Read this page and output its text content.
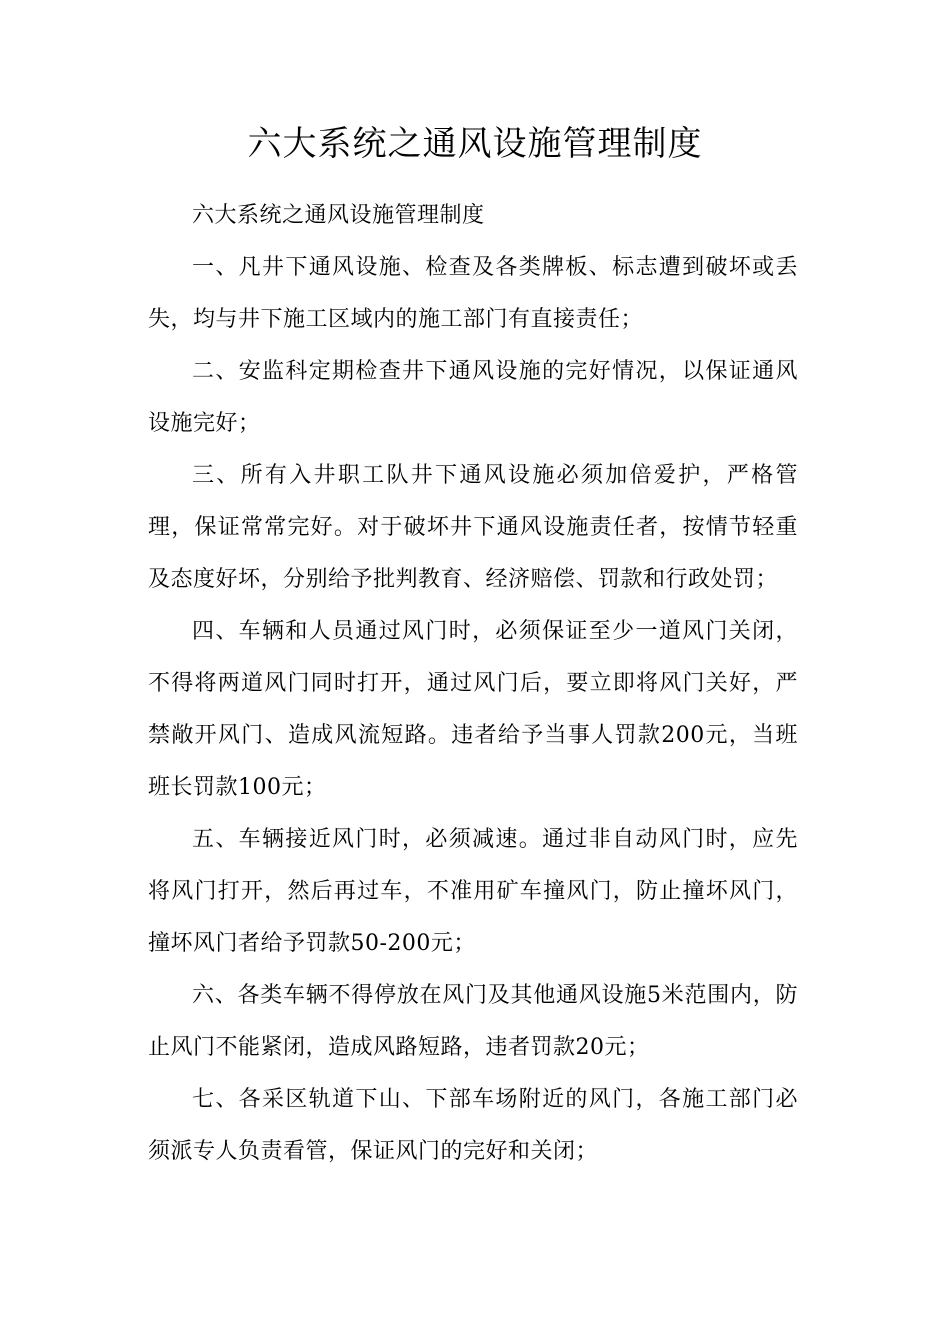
六大系统之通风设施管理制度

六大系统之通风设施管理制度

一、凡井下通风设施、检查及各类牌板、标志遭到破坏或丢失，均与井下施工区域内的施工部门有直接责任；

二、安监科定期检查井下通风设施的完好情况，以保证通风设施完好；

三、所有入井职工队井下通风设施必须加倍爱护，严格管理，保证常常完好。对于破坏井下通风设施责任者，按情节轻重及态度好坏，分别给予批判教育、经济赔偿、罚款和行政处罚；

四、车辆和人员通过风门时，必须保证至少一道风门关闭，不得将两道风门同时打开，通过风门后，要立即将风门关好，严禁敞开风门、造成风流短路。违者给予当事人罚款200元，当班班长罚款100元；

五、车辆接近风门时，必须减速。通过非自动风门时，应先将风门打开，然后再过车，不准用矿车撞风门，防止撞坏风门，撞坏风门者给予罚款50-200元；

六、各类车辆不得停放在风门及其他通风设施5米范围内，防止风门不能紧闭，造成风路短路，违者罚款20元；

七、各采区轨道下山、下部车场附近的风门，各施工部门必须派专人负责看管，保证风门的完好和关闭；
